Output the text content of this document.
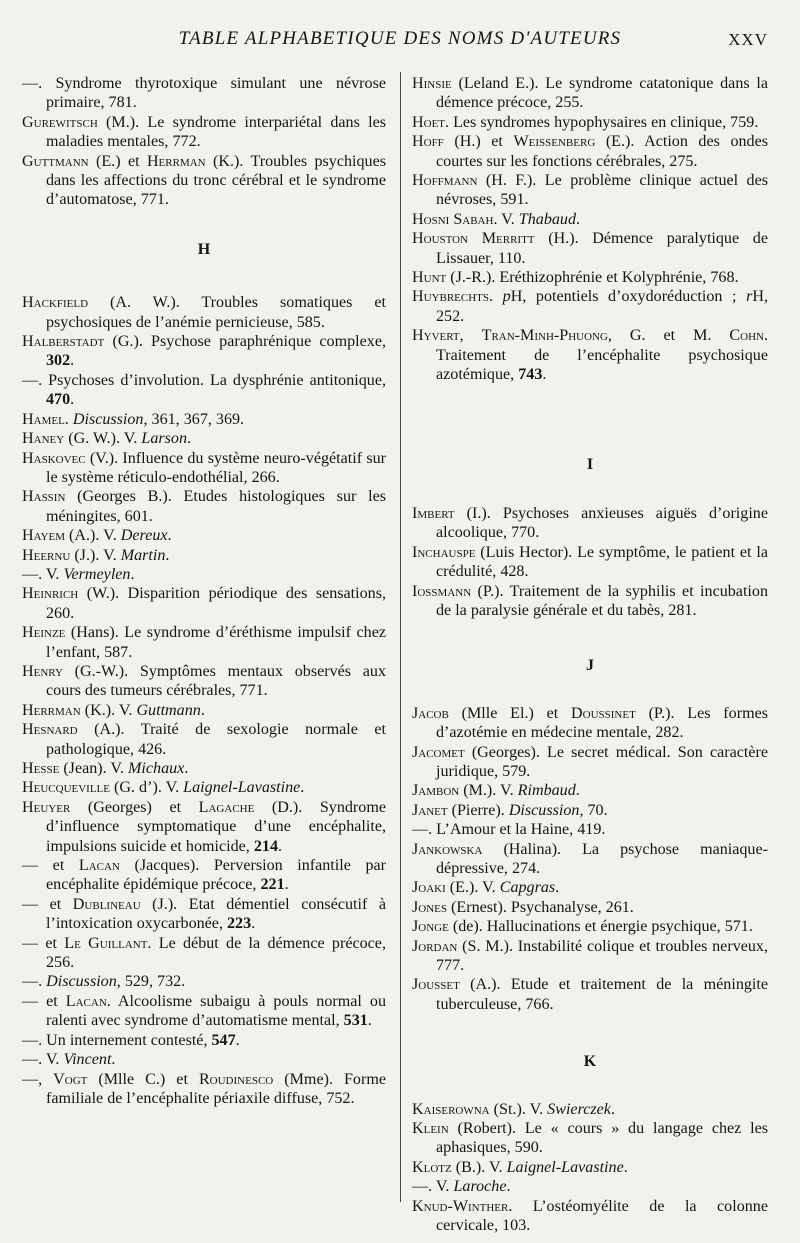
TABLE ALPHABETIQUE DES NOMS D'AUTEURS	XXV

—. Syndrome thyrotoxique simulant une névrose primaire, 781.

Gurewitsch (M.). Le syndrome interpariétal dans les maladies mentales, 772.

Guttmann (E.) et Herrman (K.). Troubles psychiques dans les affections du tronc cérébral et le syndrome d’automatose, 771.

H

Hackfield (A. W.). Troubles somatiques et psychosiques de l’anémie pernicieuse, 585.

Halberstadt (G.). Psychose paraphrénique complexe, 302.

—. Psychoses d’involution. La dysphrénie antitonique, 470.

Hamel. Discussion, 361, 367, 369.

Haney (G. W.). V. Larson.

Haskovec (V.). Influence du système neuro-végétatif sur le système réticulo-endothélial, 266.

Hassin (Georges B.). Etudes histologiques sur les méningites, 601.

Hayem (A.). V. Dereux.

Heernu (J.). V. Martin.

—. V. Vermeylen.

Heinrich (W.). Disparition périodique des sensations, 260.

Heinze (Hans). Le syndrome d’éréthisme impulsif chez l’enfant, 587.

Henry (G.-W.). Symptômes mentaux observés aux cours des tumeurs cérébrales, 771.

Herrman (K.). V. Guttmann.

Hesnard (A.). Traité de sexologie normale et pathologique, 426.

Hesse (Jean). V. Michaux.

Heucqueville (G. d’). V. Laignel-Lavastine.

Heuyer (Georges) et Lagache (D.). Syndrome d’influence symptomatique d’une encéphalite, impulsions suicide et homicide, 214.

— et Lacan (Jacques). Perversion infantile par encéphalite épidémique précoce, 221.

— et Dublineau (J.). Etat démentiel consécutif à l’intoxication oxycarbonée, 223.

— et Le Guillant. Le début de la démence précoce, 256.

—. Discussion, 529, 732.

— et Lacan. Alcoolisme subaigu à pouls normal ou ralenti avec syndrome d’automatisme mental, 531.

—. Un internement contesté, 547.

—. V. Vincent.

—, Vogt (Mlle C.) et Roudinesco (Mme). Forme familiale de l’encéphalite périaxile diffuse, 752.

Hinsie (Leland E.). Le syndrome catatonique dans la démence précoce, 255.

Hoet. Les syndromes hypophysaires en clinique, 759.

Hoff (H.) et Weissenberg (E.). Action des ondes courtes sur les fonctions cérébrales, 275.

Hoffmann (H. F.). Le problème clinique actuel des névroses, 591.

Hosni Sabah. V. Thabaud.

Houston Merritt (H.). Démence paralytique de Lissauer, 110.

Hunt (J.-R.). Eréthizophrénie et Kolyphrénie, 768.

Huybrechts. pH, potentiels d’oxydoréduction ; rH, 252.

Hyvert, Tran-Minh-Phuong, G. et M. Cohn. Traitement de l’encéphalite psychosique azotémique, 743.

I

Imbert (I.). Psychoses anxieuses aiguës d’origine alcoolique, 770.

Inchauspe (Luis Hector). Le symptôme, le patient et la crédulité, 428.

Iossmann (P.). Traitement de la syphilis et incubation de la paralysie générale et du tabès, 281.

J

Jacob (Mlle El.) et Doussinet (P.). Les formes d’azotémie en médecine mentale, 282.

Jacomet (Georges). Le secret médical. Son caractère juridique, 579.

Jambon (M.). V. Rimbaud.

Janet (Pierre). Discussion, 70.

—. L’Amour et la Haine, 419.

Jankowska (Halina). La psychose maniaque-dépressive, 274.

Joaki (E.). V. Capgras.

Jones (Ernest). Psychanalyse, 261.

Jonge (de). Hallucinations et énergie psychique, 571.

Jordan (S. M.). Instabilité colique et troubles nerveux, 777.

Jousset (A.). Etude et traitement de la méningite tuberculeuse, 766.

K

Kaiserowna (St.). V. Swierczek.

Klein (Robert). Le « cours » du langage chez les aphasiques, 590.

Klotz (B.). V. Laignel-Lavastine.

—. V. Laroche.

Knud-Winther. L’ostéomyélite de la colonne cervicale, 103.
